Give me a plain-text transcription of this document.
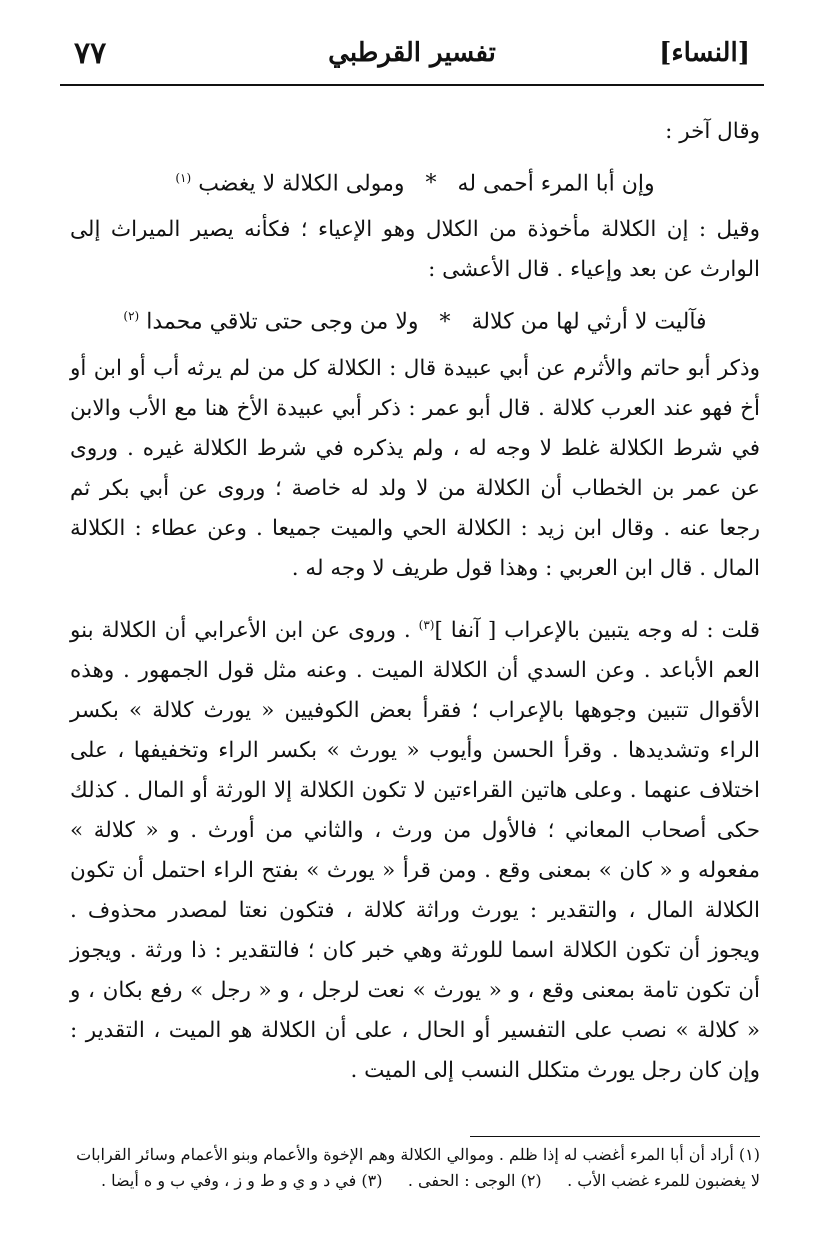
[النساء]
تفسير القرطبي
٧٧

وقال آخر :

وإن أبا المرء أحمى له * ومولى الكلالة لا يغضب $^{(١)}$

وقيل : إن الكلالة مأخوذة من الكلال وهو الإعياء ؛ فكأنه يصير الميراث إلى الوارث عن بعد وإعياء . قال الأعشى :

فآليت لا أرثي لها من كلالة * ولا من وجى حتى تلاقي محمدا $^{(٢)}$

وذكر أبو حاتم والأثرم عن أبي عبيدة قال : الكلالة كل من لم يرثه أب أو ابن أو أخ فهو عند العرب كلالة . قال أبو عمر : ذكر أبي عبيدة الأخ هنا مع الأب والابن في شرط الكلالة غلط لا وجه له ، ولم يذكره في شرط الكلالة غيره . وروى عن عمر بن الخطاب أن الكلالة من لا ولد له خاصة ؛ وروى عن أبي بكر ثم رجعا عنه . وقال ابن زيد : الكلالة الحي والميت جميعا . وعن عطاء : الكلالة المال . قال ابن العربي : وهذا قول طريف لا وجه له .

قلت : له وجه يتبين بالإعراب [ آنفا ]$^{(٣)}$ . وروى عن ابن الأعرابي أن الكلالة بنو العم الأباعد . وعن السدي أن الكلالة الميت . وعنه مثل قول الجمهور . وهذه الأقوال تتبين وجوهها بالإعراب ؛ فقرأ بعض الكوفيين « يورث كلالة » بكسر الراء وتشديدها . وقرأ الحسن وأيوب « يورث » بكسر الراء وتخفيفها ، على اختلاف عنهما . وعلى هاتين القراءتين لا تكون الكلالة إلا الورثة أو المال . كذلك حكى أصحاب المعاني ؛ فالأول من ورث ، والثاني من أورث . و « كلالة » مفعوله و « كان » بمعنى وقع . ومن قرأ « يورث » بفتح الراء احتمل أن تكون الكلالة المال ، والتقدير : يورث وراثة كلالة ، فتكون نعتا لمصدر محذوف . ويجوز أن تكون الكلالة اسما للورثة وهي خبر كان ؛ فالتقدير : ذا ورثة . ويجوز أن تكون تامة بمعنى وقع ، و « يورث » نعت لرجل ، و « رجل » رفع بكان ، و « كلالة » نصب على التفسير أو الحال ، على أن الكلالة هو الميت ، التقدير : وإن كان رجل يورث متكلل النسب إلى الميت .

(١) أراد أن أبا المرء أغضب له إذا ظلم . وموالي الكلالة وهم الإخوة والأعمام وبنو الأعمام وسائر القرابات

لا يغضبون للمرء غضب الأب .     (٢) الوجى : الحفى .     (٣) في د و ي و ط و ز ، وفي ب و ه أيضا .
